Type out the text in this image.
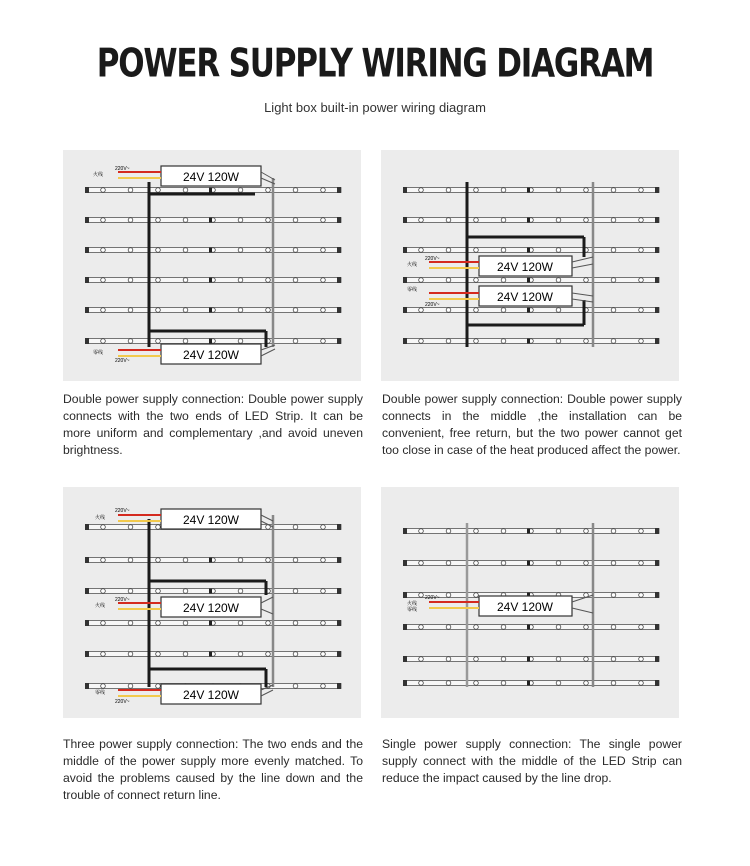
POWER SUPPLY WIRING DIAGRAM
Light box built-in power wiring diagram
24V 120W
24V 120W
220V~
火线
零线
220V~
Double power supply connection: Double power supply connects with the two ends of LED Strip. It can be more uniform and complementary ,and avoid uneven brightness.
24V 120W
24V 120W
220V~
火线
零线
220V~
Double power supply connection: Double power supply connects in the middle ,the installation can be convenient, free return, but the two power cannot get too close in case of the heat produced affect the power.
24V 120W
24V 120W
24V 120W
220V~
火线
220V~
火线
零线
220V~
Three power supply connection: The two ends and the middle of the power supply more evenly matched. To avoid the problems caused by the line down and the trouble of connect return line.
24V 120W
220V~
火线
零线
Single power supply connection: The single power supply connect with the middle of the LED Strip can reduce the impact caused by the line drop.
